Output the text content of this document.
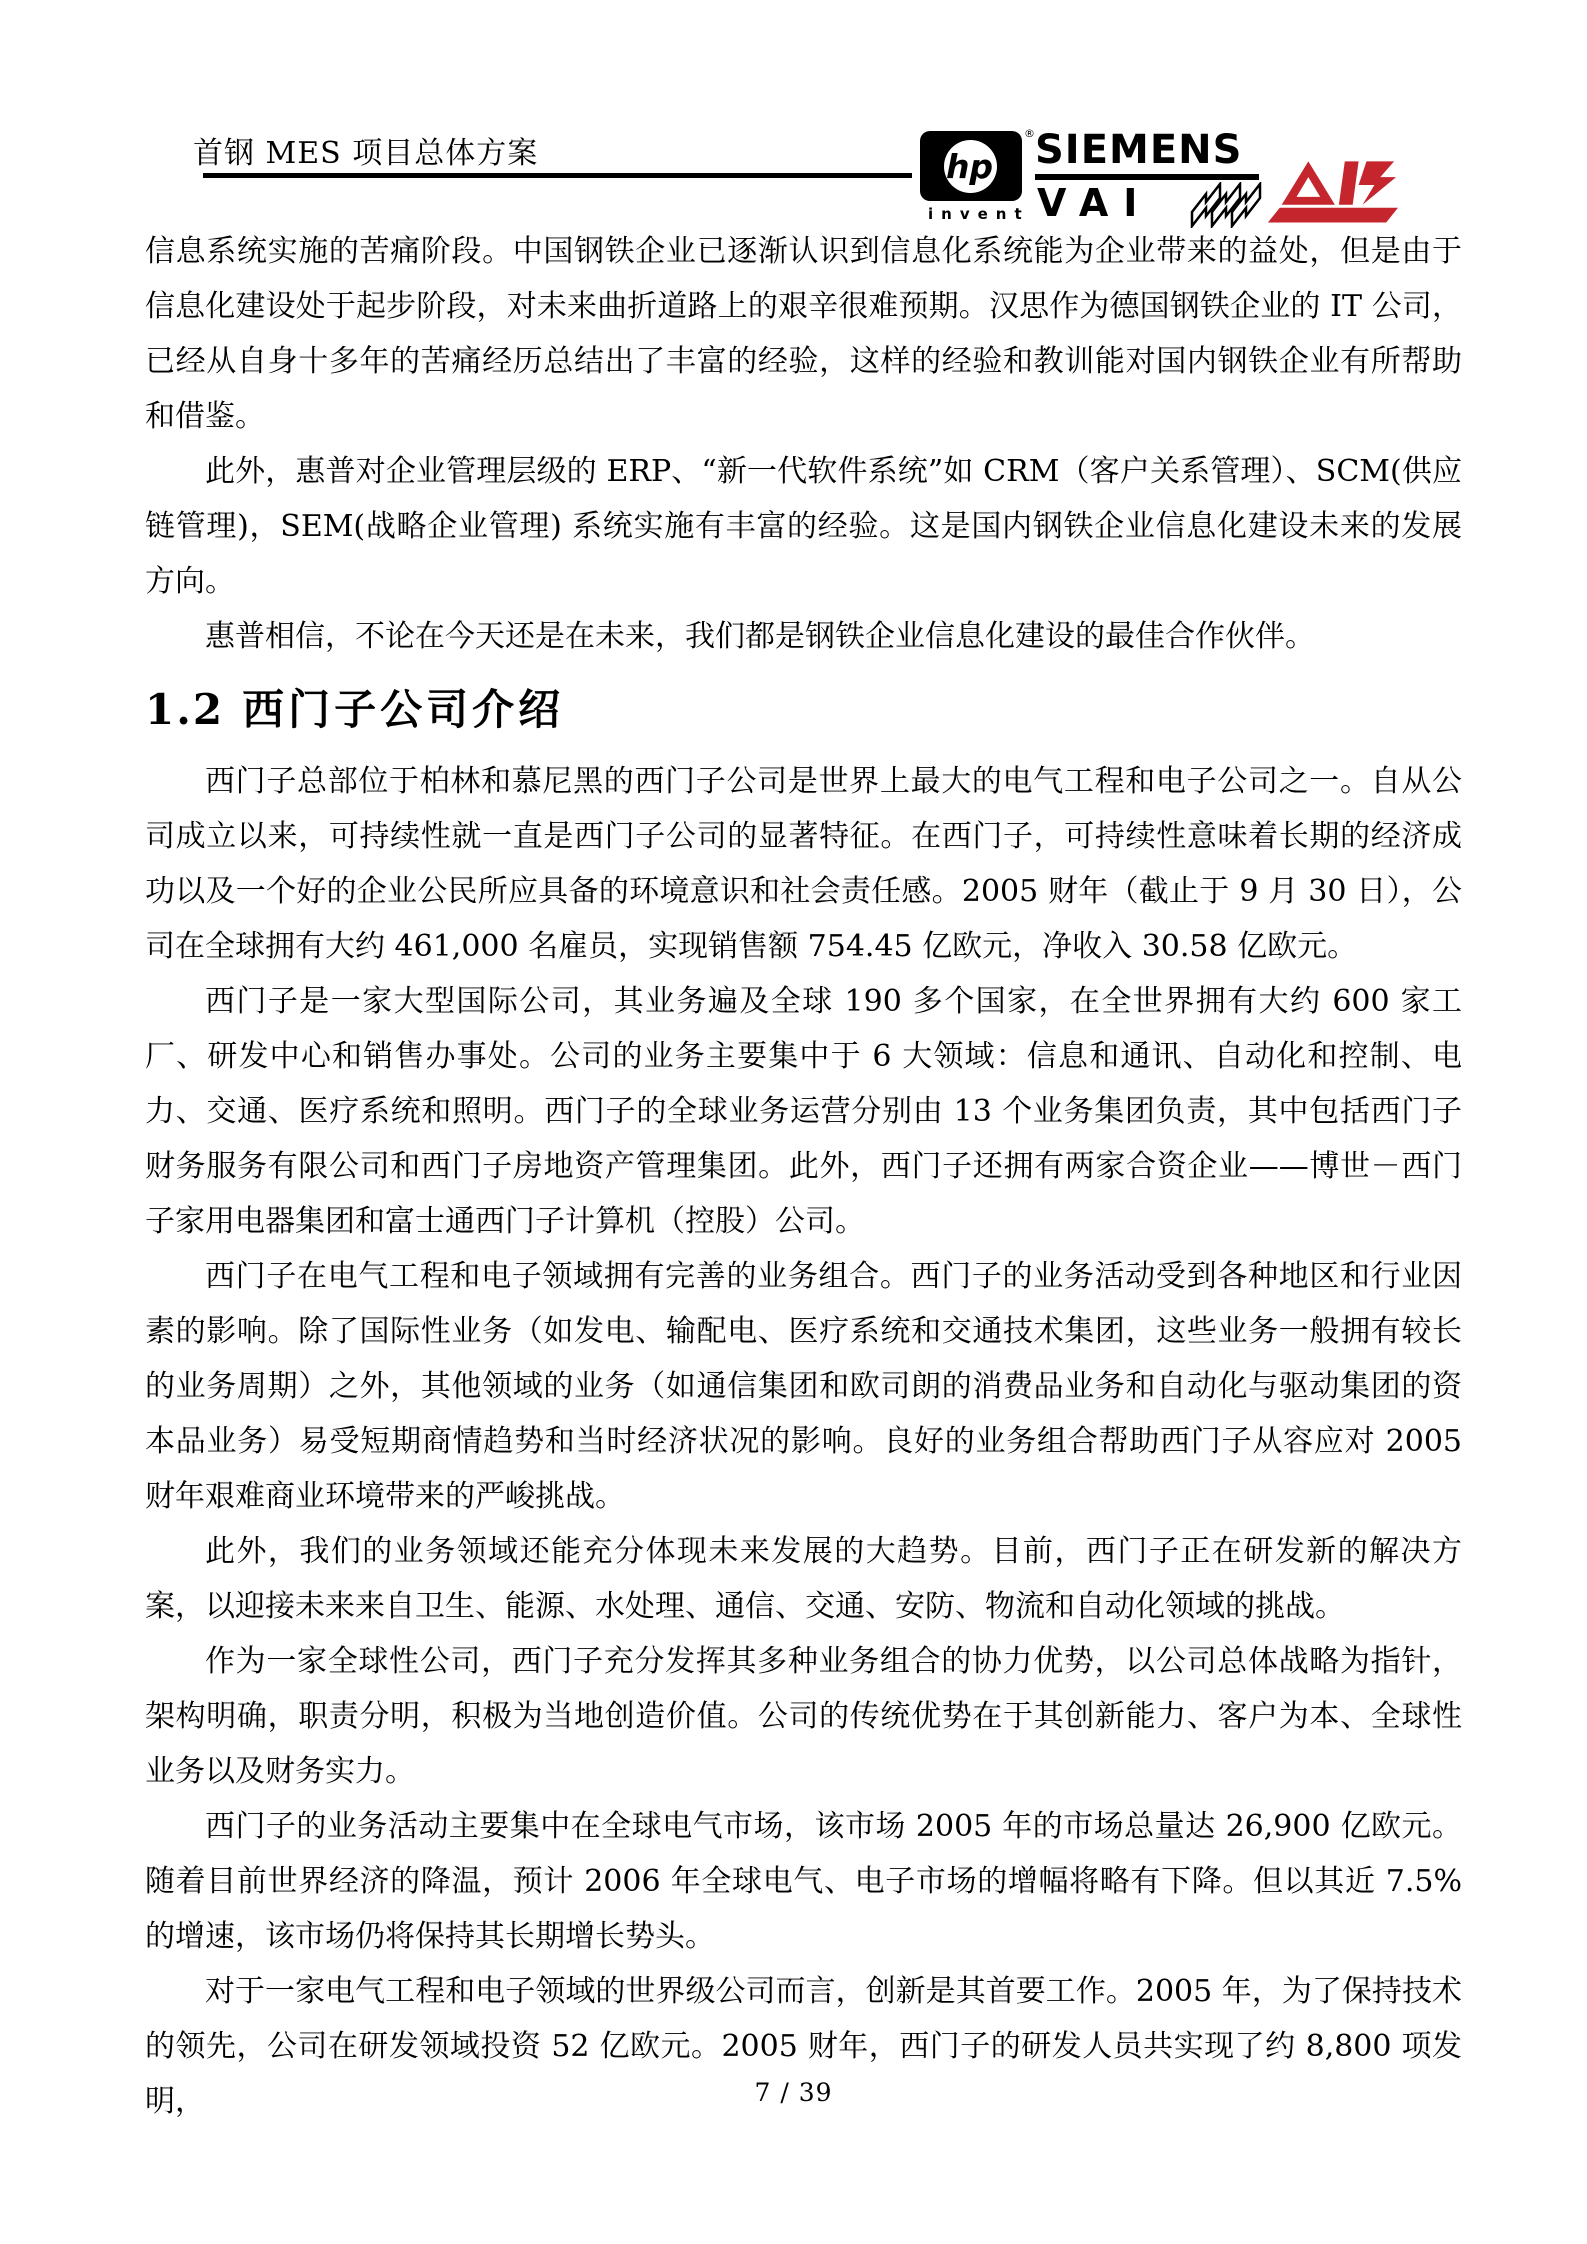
首钢 MES 项目总体方案	hp
®
invent
SIEMENS
VAI

信息系统实施的苦痛阶段。中国钢铁企业已逐渐认识到信息化系统能为企业带来的益处，但是由于信息化建设处于起步阶段，对未来曲折道路上的艰辛很难预期。汉思作为德国钢铁企业的 IT 公司，已经从自身十多年的苦痛经历总结出了丰富的经验，这样的经验和教训能对国内钢铁企业有所帮助和借鉴。

此外，惠普对企业管理层级的 ERP、“新一代软件系统”如 CRM（客户关系管理）、SCM(供应链管理)，SEM(战略企业管理) 系统实施有丰富的经验。这是国内钢铁企业信息化建设未来的发展方向。

惠普相信，不论在今天还是在未来，我们都是钢铁企业信息化建设的最佳合作伙伴。

1.2 西门子公司介绍

西门子总部位于柏林和慕尼黑的西门子公司是世界上最大的电气工程和电子公司之一。自从公司成立以来，可持续性就一直是西门子公司的显著特征。在西门子，可持续性意味着长期的经济成功以及一个好的企业公民所应具备的环境意识和社会责任感。2005 财年（截止于 9 月 30 日），公司在全球拥有大约 461,000 名雇员，实现销售额 754.45 亿欧元，净收入 30.58 亿欧元。

西门子是一家大型国际公司，其业务遍及全球 190 多个国家，在全世界拥有大约 600 家工厂、研发中心和销售办事处。公司的业务主要集中于 6 大领域：信息和通讯、自动化和控制、电力、交通、医疗系统和照明。西门子的全球业务运营分别由 13 个业务集团负责，其中包括西门子财务服务有限公司和西门子房地资产管理集团。此外，西门子还拥有两家合资企业——博世－西门子家用电器集团和富士通西门子计算机（控股）公司。

西门子在电气工程和电子领域拥有完善的业务组合。西门子的业务活动受到各种地区和行业因素的影响。除了国际性业务（如发电、输配电、医疗系统和交通技术集团，这些业务一般拥有较长的业务周期）之外，其他领域的业务（如通信集团和欧司朗的消费品业务和自动化与驱动集团的资本品业务）易受短期商情趋势和当时经济状况的影响。良好的业务组合帮助西门子从容应对 2005 财年艰难商业环境带来的严峻挑战。

此外，我们的业务领域还能充分体现未来发展的大趋势。目前，西门子正在研发新的解决方案，以迎接未来来自卫生、能源、水处理、通信、交通、安防、物流和自动化领域的挑战。

作为一家全球性公司，西门子充分发挥其多种业务组合的协力优势，以公司总体战略为指针，架构明确，职责分明，积极为当地创造价值。公司的传统优势在于其创新能力、客户为本、全球性业务以及财务实力。

西门子的业务活动主要集中在全球电气市场，该市场 2005 年的市场总量达 26,900 亿欧元。随着目前世界经济的降温，预计 2006 年全球电气、电子市场的增幅将略有下降。但以其近 7.5%的增速，该市场仍将保持其长期增长势头。

对于一家电气工程和电子领域的世界级公司而言，创新是其首要工作。2005 年，为了保持技术的领先，公司在研发领域投资 52 亿欧元。2005 财年，西门子的研发人员共实现了约 8,800 项发明，	7 / 39
